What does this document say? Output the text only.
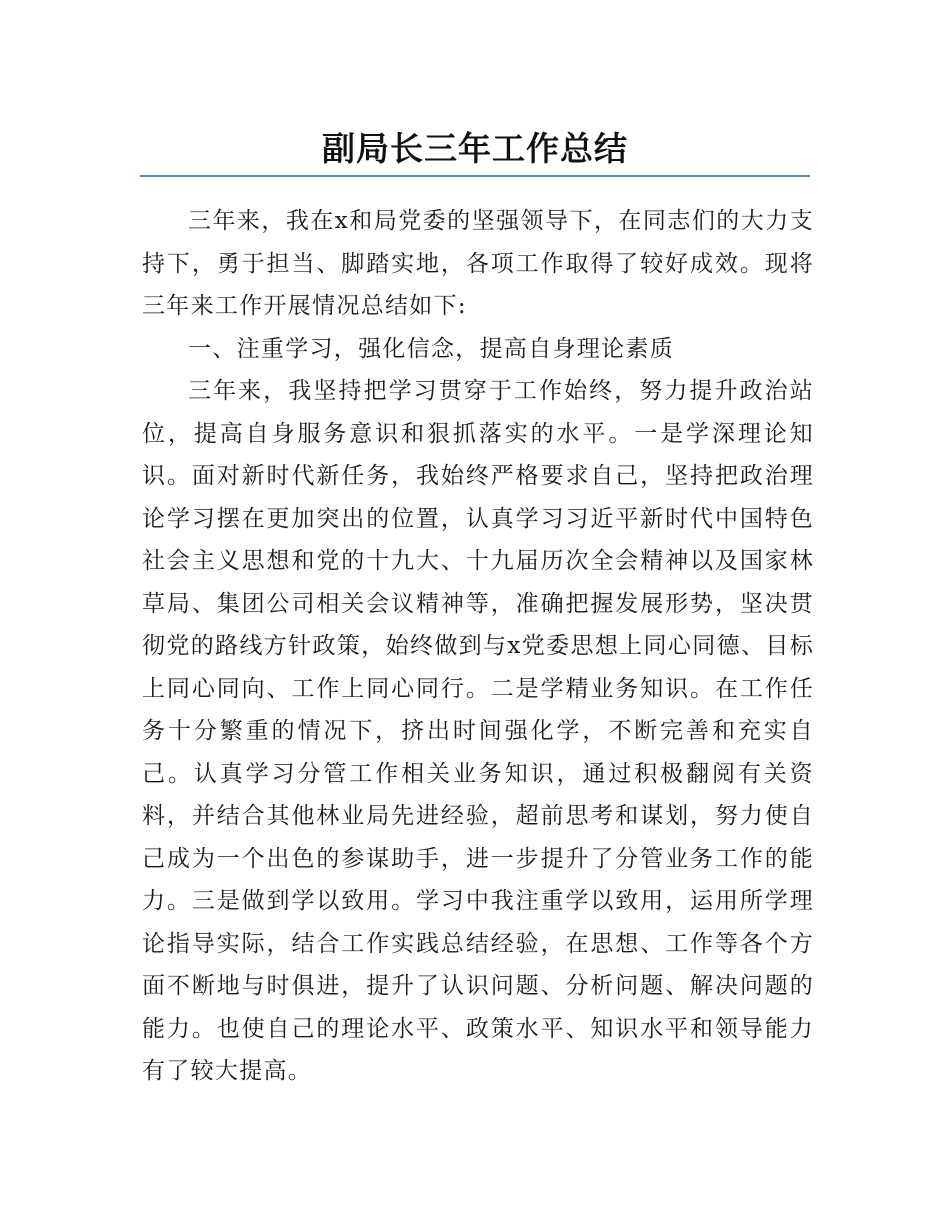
副局长三年工作总结

三年来，我在x和局党委的坚强领导下，在同志们的大力支持下，勇于担当、脚踏实地，各项工作取得了较好成效。现将三年来工作开展情况总结如下:

一、注重学习，强化信念，提高自身理论素质

三年来，我坚持把学习贯穿于工作始终，努力提升政治站位，提高自身服务意识和狠抓落实的水平。一是学深理论知识。面对新时代新任务，我始终严格要求自己，坚持把政治理论学习摆在更加突出的位置，认真学习习近平新时代中国特色社会主义思想和党的十九大、十九届历次全会精神以及国家林草局、集团公司相关会议精神等，准确把握发展形势，坚决贯彻党的路线方针政策，始终做到与x党委思想上同心同德、目标上同心同向、工作上同心同行。二是学精业务知识。在工作任务十分繁重的情况下，挤出时间强化学，不断完善和充实自己。认真学习分管工作相关业务知识，通过积极翻阅有关资料，并结合其他林业局先进经验，超前思考和谋划，努力使自己成为一个出色的参谋助手，进一步提升了分管业务工作的能力。三是做到学以致用。学习中我注重学以致用，运用所学理论指导实际，结合工作实践总结经验，在思想、工作等各个方面不断地与时俱进，提升了认识问题、分析问题、解决问题的能力。也使自己的理论水平、政策水平、知识水平和领导能力有了较大提高。
